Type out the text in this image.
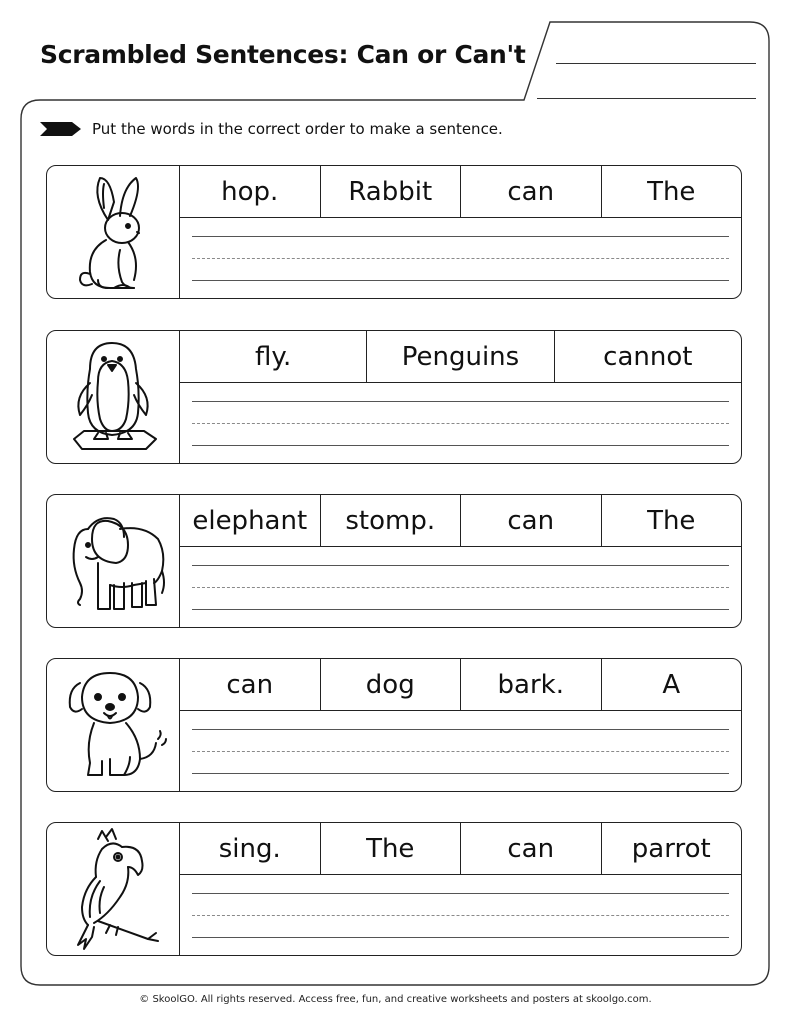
Scrambled Sentences: Can or Can't
Put the words in the correct order to make a sentence.
hop.	Rabbit	can	The
fly.	Penguins	cannot
elephant	stomp.	can	The
can	dog	bark.	A
sing.	The	can	parrot
© SkoolGO. All rights reserved. Access free, fun, and creative worksheets and posters at skoolgo.com.
